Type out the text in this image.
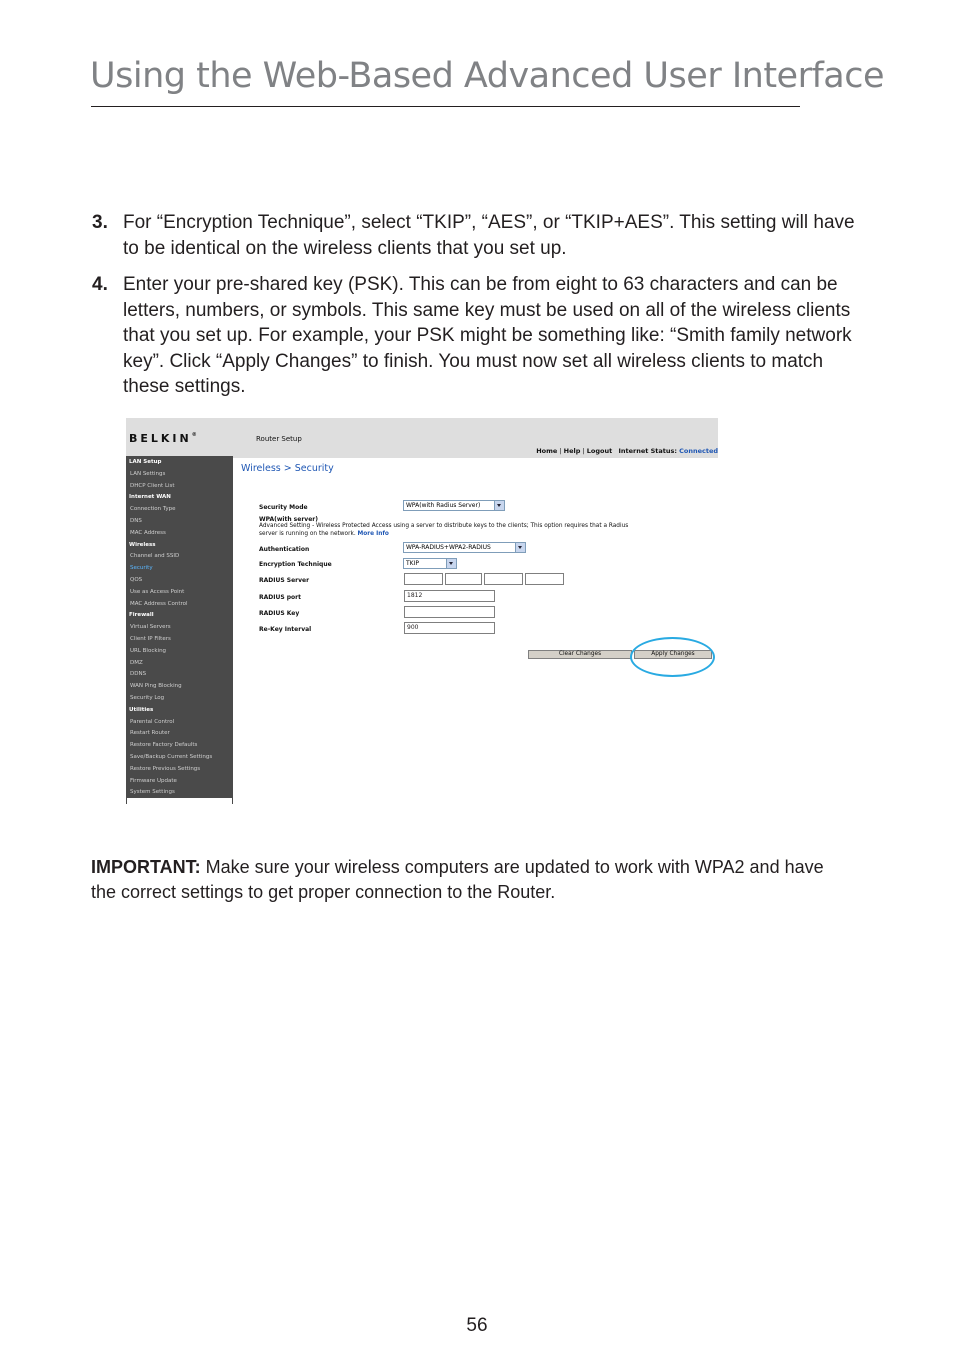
Using the Web-Based Advanced User Interface
3. For “Encryption Technique”, select “TKIP”, “AES”, or “TKIP+AES”. This setting will have to be identical on the wireless clients that you set up.
4. Enter your pre-shared key (PSK). This can be from eight to 63 characters and can be letters, numbers, or symbols. This same key must be used on all of the wireless clients that you set up. For example, your PSK might be something like: “Smith family network key”. Click “Apply Changes” to finish. You must now set all wireless clients to match these settings.
BELKIN®	Router Setup
Home | Help | Logout Internet Status: Connected
LAN Setup
LAN Settings
DHCP Client List
Internet WAN
Connection Type
DNS
MAC Address
Wireless
Channel and SSID
Security
QOS
Use as Access Point
MAC Address Control
Firewall
Virtual Servers
Client IP Filters
URL Blocking
DMZ
DDNS
WAN Ping Blocking
Security Log
Utilities
Parental Control
Restart Router
Restore Factory Defaults
Save/Backup Current Settings
Restore Previous Settings
Firmware Update
System Settings
Wireless > Security
Security Mode	WPA(with Radius Server)
WPA(with server)
Advanced Setting - Wireless Protected Access using a server to distribute keys to the clients; This option requires that a Radius
server is running on the network. More Info
Authentication	WPA-RADIUS+WPA2-RADIUS
Encryption Technique	TKIP
RADIUS Server
RADIUS port	1812
RADIUS Key
Re-Key Interval	900
Clear Changes	Apply Changes
IMPORTANT: Make sure your wireless computers are updated to work with WPA2 and have the correct settings to get proper connection to the Router.
56
